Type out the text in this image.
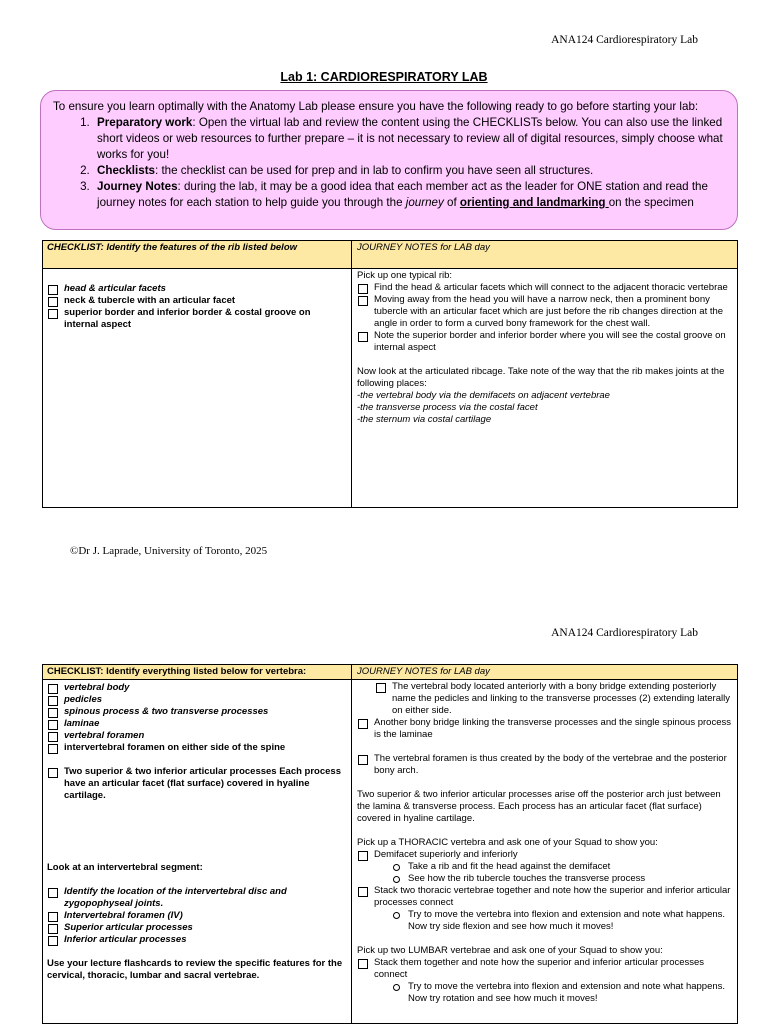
ANA124 Cardiorespiratory Lab
Lab 1: CARDIORESPIRATORY LAB
To ensure you learn optimally with the Anatomy Lab please ensure you have the following ready to go before starting your lab:
1. Preparatory work: Open the virtual lab and review the content using the CHECKLISTs below. You can also use the linked short videos or web resources to further prepare – it is not necessary to review all of digital resources, simply choose what works for you!
2. Checklists: the checklist can be used for prep and in lab to confirm you have seen all structures.
3. Journey Notes: during the lab, it may be a good idea that each member act as the leader for ONE station and read the journey notes for each station to help guide you through the journey of orienting and landmarking on the specimen
CHECKLIST: Identify the features of the rib listed below	JOURNEY NOTES for LAB day
head & articular facets
neck & tubercle with an articular facet
superior border and inferior border & costal groove on internal aspect
Pick up one typical rib:
Find the head & articular facets which will connect to the adjacent thoracic vertebrae
Moving away from the head you will have a narrow neck, then a prominent bony tubercle with an articular facet which are just before the rib changes direction at the angle in order to form a curved bony framework for the chest wall.
Note the superior border and inferior border where you will see the costal groove on internal aspect
Now look at the articulated ribcage. Take note of the way that the rib makes joints at the following places:
-the vertebral body via the demifacets on adjacent vertebrae
-the transverse process via the costal facet
-the sternum via costal cartilage
©Dr J. Laprade, University of Toronto, 2025
ANA124 Cardiorespiratory Lab
CHECKLIST: Identify everything listed below for vertebra:	JOURNEY NOTES for LAB day
vertebral body
pedicles
spinous process & two transverse processes
laminae
vertebral foramen
intervertebral foramen on either side of the spine
Two superior & two inferior articular processes Each process have an articular facet (flat surface) covered in hyaline cartilage.
Look at an intervertebral segment:
Identify the location of the intervertebral disc and zygopophyseal joints.
Intervertebral foramen (IV)
Superior articular processes
Inferior articular processes
Use your lecture flashcards to review the specific features for the cervical, thoracic, lumbar and sacral vertebrae.
The vertebral body located anteriorly with a bony bridge extending posteriorly name the pedicles and linking to the transverse processes (2) extending laterally on either side.
Another bony bridge linking the transverse processes and the single spinous process is the laminae
The vertebral foramen is thus created by the body of the vertebrae and the posterior bony arch.
Two superior & two inferior articular processes arise off the posterior arch just between the lamina & transverse process. Each process has an articular facet (flat surface) covered in hyaline cartilage.
Pick up a THORACIC vertebra and ask one of your Squad to show you:
Demifacet superiorly and inferiorly
Take a rib and fit the head against the demifacet
See how the rib tubercle touches the transverse process
Stack two thoracic vertebrae together and note how the superior and inferior articular processes connect
Try to move the vertebra into flexion and extension and note what happens. Now try side flexion and see how much it moves!
Pick up two LUMBAR vertebrae and ask one of your Squad to show you:
Stack them together and note how the superior and inferior articular processes connect
Try to move the vertebra into flexion and extension and note what happens. Now try rotation and see how much it moves!
